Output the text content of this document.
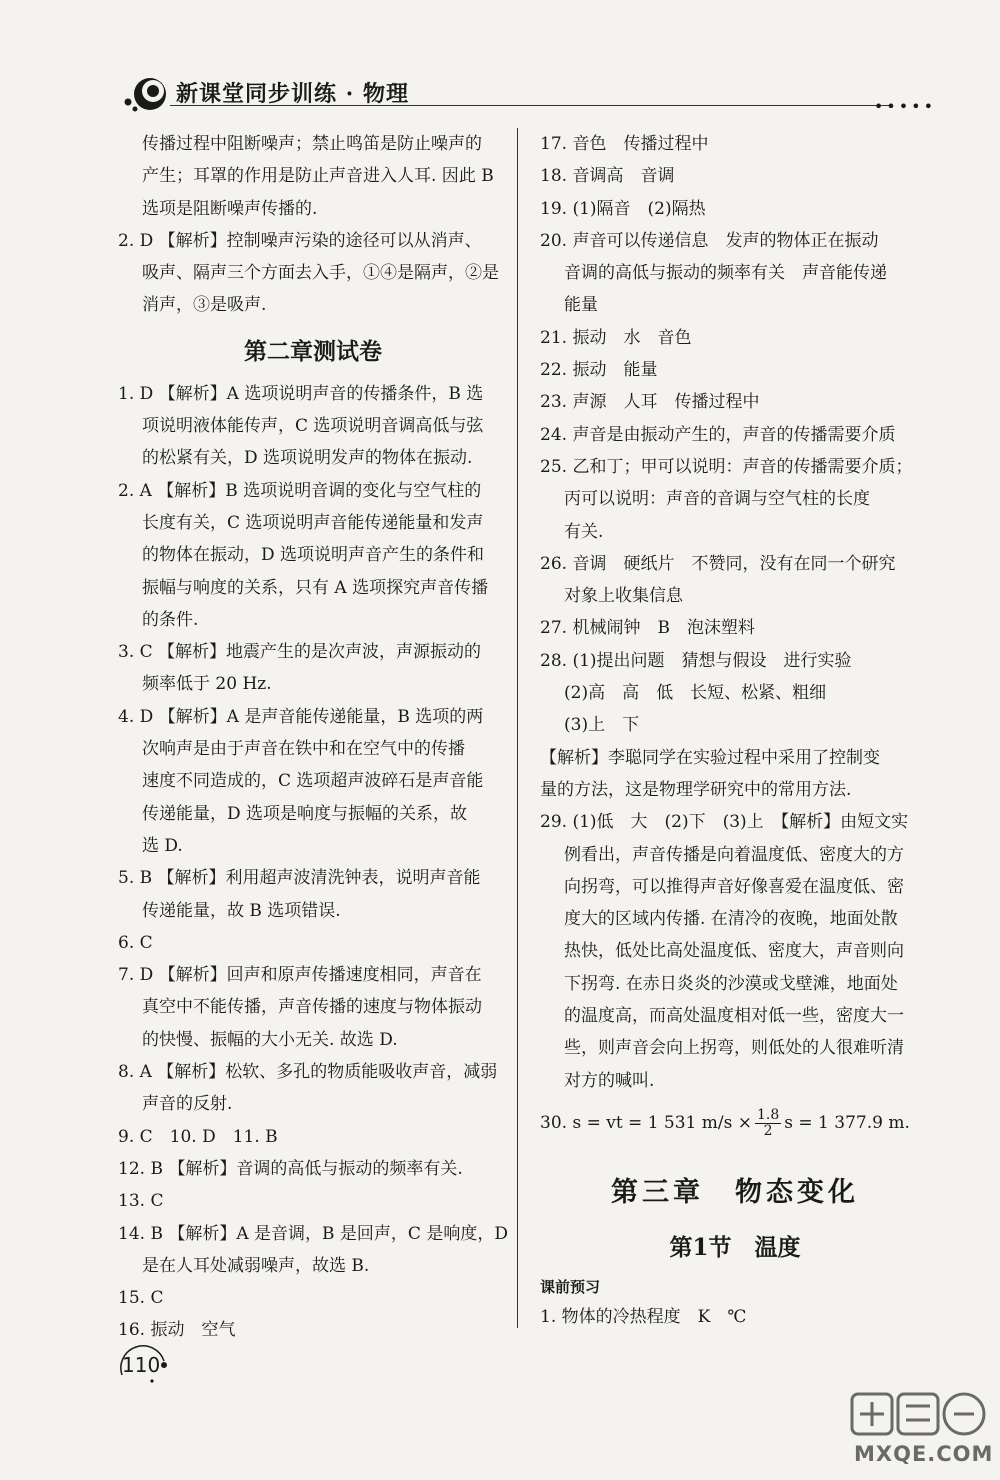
新课堂同步训练 · 物理	•••••
传播过程中阻断噪声；禁止鸣笛是防止噪声的
产生；耳罩的作用是防止声音进入人耳. 因此 B
选项是阻断噪声传播的.
2. D 【解析】控制噪声污染的途径可以从消声、
吸声、隔声三个方面去入手，①④是隔声，②是
消声，③是吸声.
第二章测试卷
1. D 【解析】A 选项说明声音的传播条件，B 选
项说明液体能传声，C 选项说明音调高低与弦
的松紧有关，D 选项说明发声的物体在振动.
2. A 【解析】B 选项说明音调的变化与空气柱的
长度有关，C 选项说明声音能传递能量和发声
的物体在振动，D 选项说明声音产生的条件和
振幅与响度的关系，只有 A 选项探究声音传播
的条件.
3. C 【解析】地震产生的是次声波，声源振动的
频率低于 20 Hz.
4. D 【解析】A 是声音能传递能量，B 选项的两
次响声是由于声音在铁中和在空气中的传播
速度不同造成的，C 选项超声波碎石是声音能
传递能量，D 选项是响度与振幅的关系，故
选 D.
5. B 【解析】利用超声波清洗钟表，说明声音能
传递能量，故 B 选项错误.
6. C
7. D 【解析】回声和原声传播速度相同，声音在
真空中不能传播，声音传播的速度与物体振动
的快慢、振幅的大小无关. 故选 D.
8. A 【解析】松软、多孔的物质能吸收声音，减弱
声音的反射.
9. C　10. D　11. B
12. B 【解析】音调的高低与振动的频率有关.
13. C
14. B 【解析】A 是音调，B 是回声，C 是响度，D
是在人耳处减弱噪声，故选 B.
15. C
16. 振动　空气
17. 音色　传播过程中
18. 音调高　音调
19. (1)隔音　(2)隔热
20. 声音可以传递信息　发声的物体正在振动
音调的高低与振动的频率有关　声音能传递
能量
21. 振动　水　音色
22. 振动　能量
23. 声源　人耳　传播过程中
24. 声音是由振动产生的，声音的传播需要介质
25. 乙和丁；甲可以说明：声音的传播需要介质；
丙可以说明：声音的音调与空气柱的长度
有关.
26. 音调　硬纸片　不赞同，没有在同一个研究
对象上收集信息
27. 机械闹钟　B　泡沫塑料
28. (1)提出问题　猜想与假设　进行实验
(2)高　高　低　长短、松紧、粗细
(3)上　下
【解析】李聪同学在实验过程中采用了控制变
量的方法，这是物理学研究中的常用方法.
29. (1)低　大　(2)下　(3)上　【解析】由短文实
例看出，声音传播是向着温度低、密度大的方
向拐弯，可以推得声音好像喜爱在温度低、密
度大的区域内传播. 在清冷的夜晚，地面处散
热快，低处比高处温度低、密度大，声音则向
下拐弯. 在赤日炎炎的沙漠或戈壁滩，地面处
的温度高，而高处温度相对低一些，密度大一
些，则声音会向上拐弯，则低处的人很难听清
对方的喊叫.
30. s = vt = 1 531 $m/s \times \frac{1.8}{2}$ s = 1 377.9 m.
第三章　物态变化
第1节　温度
课前预习
1. 物体的冷热程度　K　℃
110
MXQE.COM
